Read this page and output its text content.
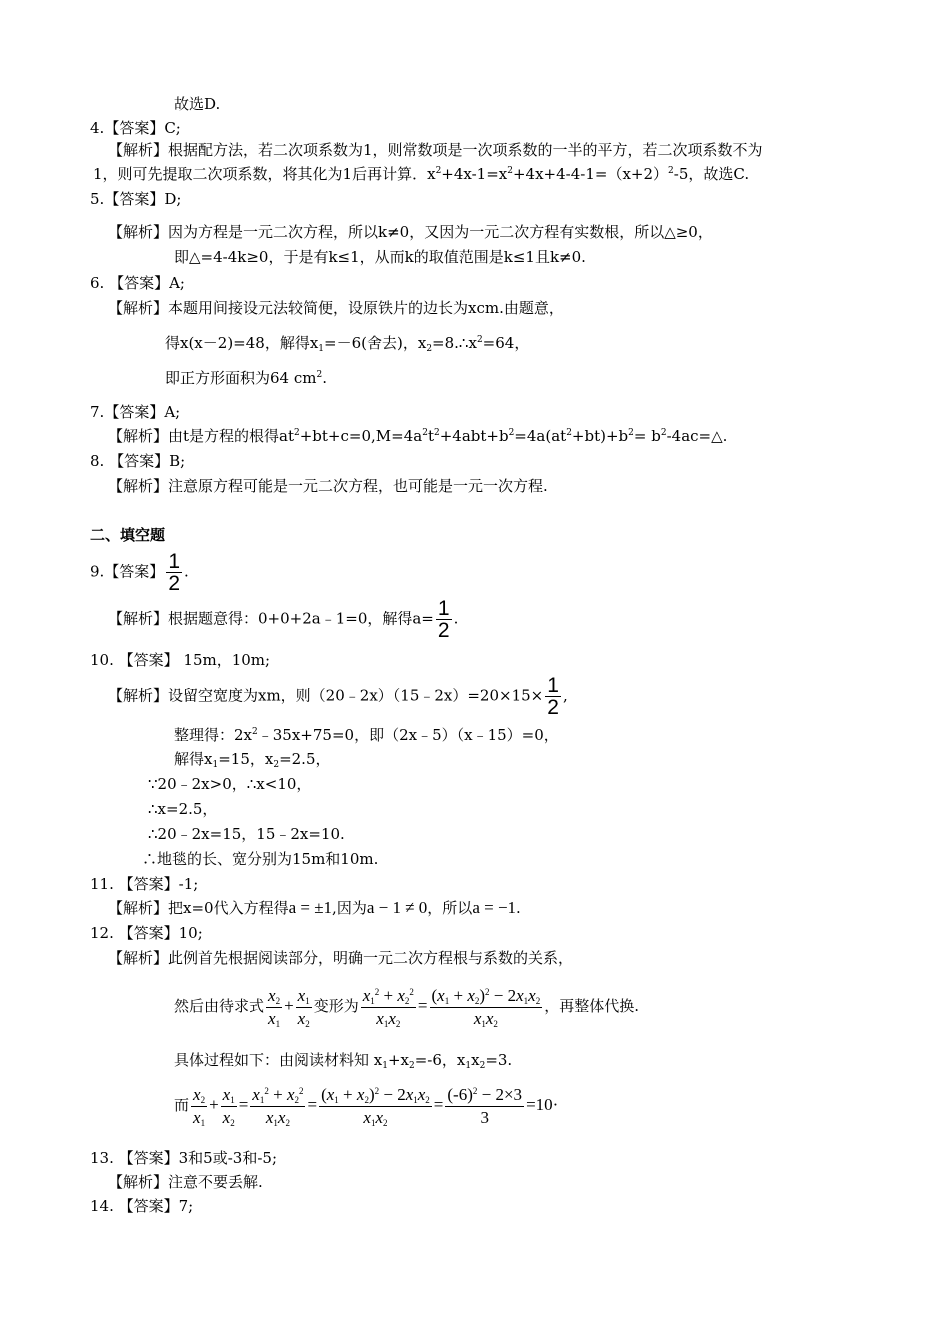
故选D.
4.【答案】C;
【解析】根据配方法，若二次项系数为1，则常数项是一次项系数的一半的平方，若二次项系数不为
1，则可先提取二次项系数，将其化为1后再计算．$x^2+4x-1=x^2+4x+4-4-1=(x+2)^2-5$，故选C.
5.【答案】D;
【解析】因为方程是一元二次方程，所以k≠0，又因为一元二次方程有实数根，所以△≥0，
即△=4-4k≥0，于是有k≤1，从而k的取值范围是k≤1且k≠0.
6. 【答案】A;
【解析】本题用间接设元法较简便，设原铁片的边长为xcm.由题意，
得x(x－2)=48，解得$x_1=-6$(舍去)，$x_2=8.\therefore x^2=64$，
即正方形面积为64 $cm^2$.
7.【答案】A;
【解析】由t是方程的根得$at^2+bt+c=0,M=4a^2t^2+4abt+b^2=4a(at^2+bt)+b^2=$ $b^2-4ac=\triangle$.
8. 【答案】B;
【解析】注意原方程可能是一元二次方程，也可能是一元一次方程.
二、填空题
9.【答案】 $\frac{1}{2}$ .
【解析】根据题意得：0+0+2a﹣1=0，解得$a= \frac{1}{2}$ .
10. 【答案】 15m，10m;
【解析】设留空宽度为xm，则（20﹣2x）（15﹣2x）=20×15× $\frac{1}{2}$ ,
整理得：$2x^2﹣35x+75=0$，即（2x﹣5）（x﹣15）=0，
解得$x_1=15$，$x_2=2.5$，
∵20﹣2x>0，∴x<10，
∴x=2.5，
∴20﹣2x=15，15﹣2x=10.
∴地毯的长、宽分别为15m和10m.
11. 【答案】-1;
【解析】把x=0代入方程得a = ±1,因为a − 1 ≠ 0，所以a = −1.
12. 【答案】10;
【解析】此例首先根据阅读部分，明确一元二次方程根与系数的关系，
然后由待求式 $\frac{x_2}{x_1} + \frac{x_1}{x_2}$ 变形为 $\frac{x_1^2 + x_2^2}{x_1x_2} = \frac{(x_1 + x_2)^2 - 2x_1x_2}{x_1x_2}$ ，再整体代换.
具体过程如下：由阅读材料知 $x_1+x_2=-6$，$x_1x_2=3$.
而 $\frac{x_2}{x_1} + \frac{x_1}{x_2} = \frac{x_1^2 + x_2^2}{x_1x_2} = \frac{(x_1 + x_2)^2 - 2x_1x_2}{x_1x_2} = \frac{(-6)^2 - 2\times 3}{3} =10\cdot$
13. 【答案】3和5或-3和-5;
【解析】注意不要丢解.
14. 【答案】7;
